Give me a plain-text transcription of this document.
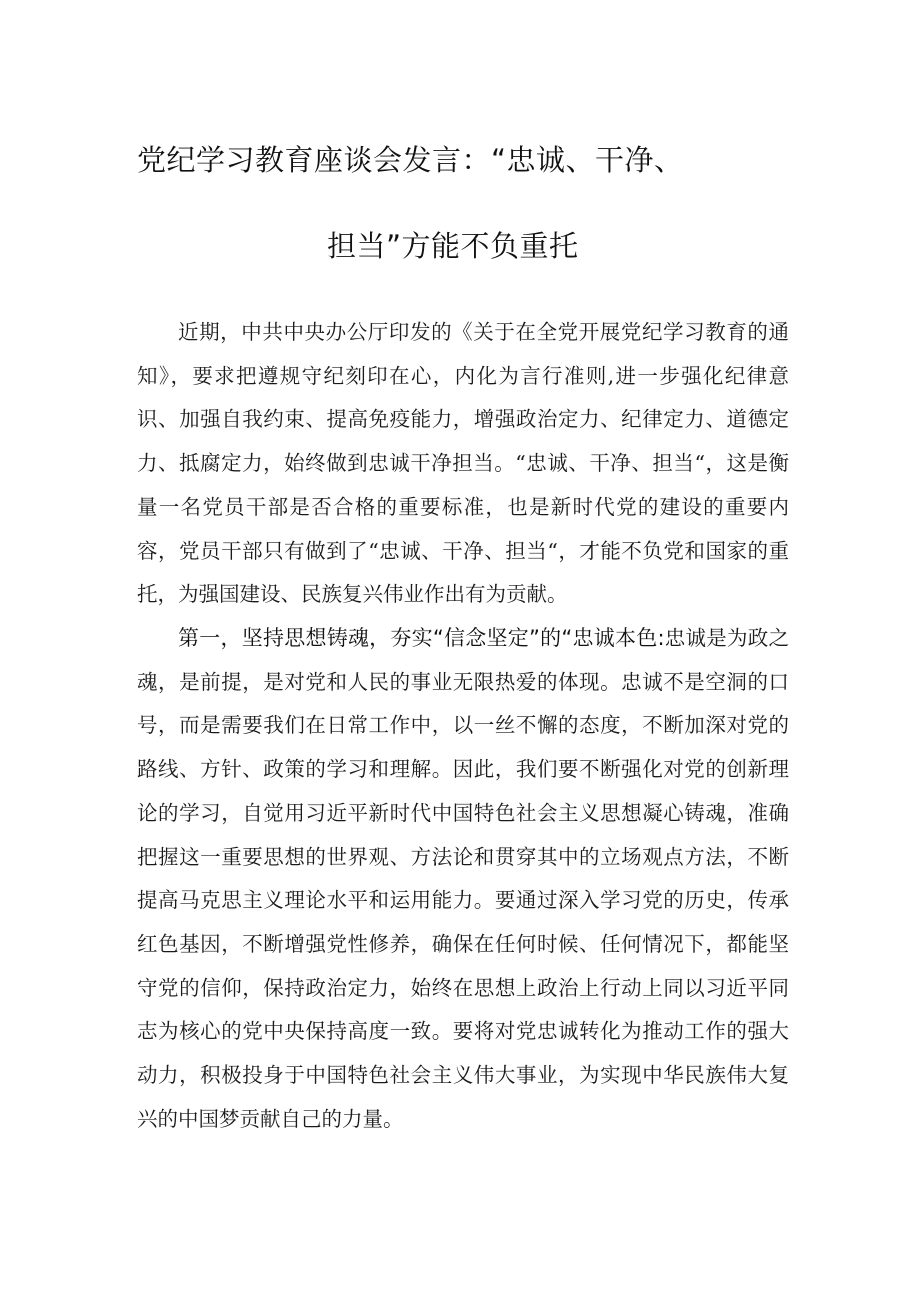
党纪学习教育座谈会发言：“忠诚、干净、
担当”方能不负重托
近期，中共中央办公厅印发的《关于在全党开展党纪学习教育的通知》，要求把遵规守纪刻印在心，内化为言行准则,进一步强化纪律意识、加强自我约束、提高免疫能力，增强政治定力、纪律定力、道德定力、抵腐定力，始终做到忠诚干净担当。“忠诚、干净、担当“，这是衡量一名党员干部是否合格的重要标准，也是新时代党的建设的重要内容，党员干部只有做到了“忠诚、干净、担当“，才能不负党和国家的重托，为强国建设、民族复兴伟业作出有为贡献。
第一，坚持思想铸魂，夯实“信念坚定”的“忠诚本色:忠诚是为政之魂，是前提，是对党和人民的事业无限热爱的体现。忠诚不是空洞的口号，而是需要我们在日常工作中，以一丝不懈的态度，不断加深对党的路线、方针、政策的学习和理解。因此，我们要不断强化对党的创新理论的学习，自觉用习近平新时代中国特色社会主义思想凝心铸魂，准确把握这一重要思想的世界观、方法论和贯穿其中的立场观点方法，不断提高马克思主义理论水平和运用能力。要通过深入学习党的历史，传承红色基因，不断增强党性修养，确保在任何时候、任何情况下，都能坚守党的信仰，保持政治定力，始终在思想上政治上行动上同以习近平同志为核心的党中央保持高度一致。要将对党忠诚转化为推动工作的强大动力，积极投身于中国特色社会主义伟大事业，为实现中华民族伟大复兴的中国梦贡献自己的力量。
